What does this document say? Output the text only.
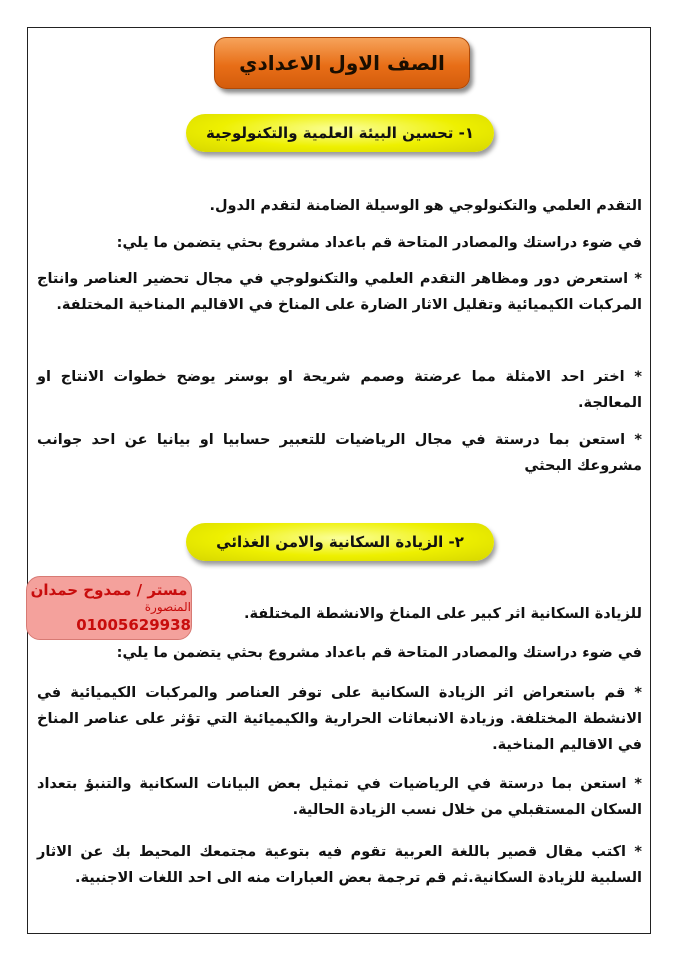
الصف الاول الاعدادي
١- تحسين البيئة العلمية والتكنولوجية

التقدم العلمي والتكنولوجي هو الوسيلة الضامنة لتقدم الدول.

في ضوء دراستك والمصادر المتاحة قم باعداد مشروع بحثي يتضمن ما يلي:

* استعرض دور ومظاهر التقدم العلمي والتكنولوجي في مجال تحضير العناصر وانتاج المركبات الكيميائية وتقليل الاثار الضارة على المناخ في الاقاليم المناخية المختلفة.

* اختر احد الامثلة مما عرضتة وصمم شريحة او بوستر يوضح خطوات الانتاج او المعالجة.

* استعن بما درستة في مجال الرياضيات للتعبير حسابيا او بيانيا عن احد جوانب مشروعك البحثي

٢- الزيادة السكانية والامن الغذائي
مستر / ممدوح حمدان
المنصورة 01005629938

للزيادة السكانية اثر كبير على المناخ والانشطة المختلفة.

في ضوء دراستك والمصادر المتاحة قم باعداد مشروع بحثي يتضمن ما يلي:

* قم باستعراض اثر الزيادة السكانية على توفر العناصر والمركبات الكيميائية في الانشطة المختلفة. وزيادة الانبعاثات الحرارية والكيميائية التي تؤثر على عناصر المناخ في الاقاليم المناخية.

* استعن بما درستة في الرياضيات في تمثيل بعض البيانات السكانية والتنبؤ بتعداد السكان المستقبلي من خلال نسب الزيادة الحالية.

* اكتب مقال قصير باللغة العربية تقوم فيه بتوعية مجتمعك المحيط بك عن الاثار السلبية للزيادة السكانية.ثم قم ترجمة بعض العبارات منه الى احد اللغات الاجنبية.
